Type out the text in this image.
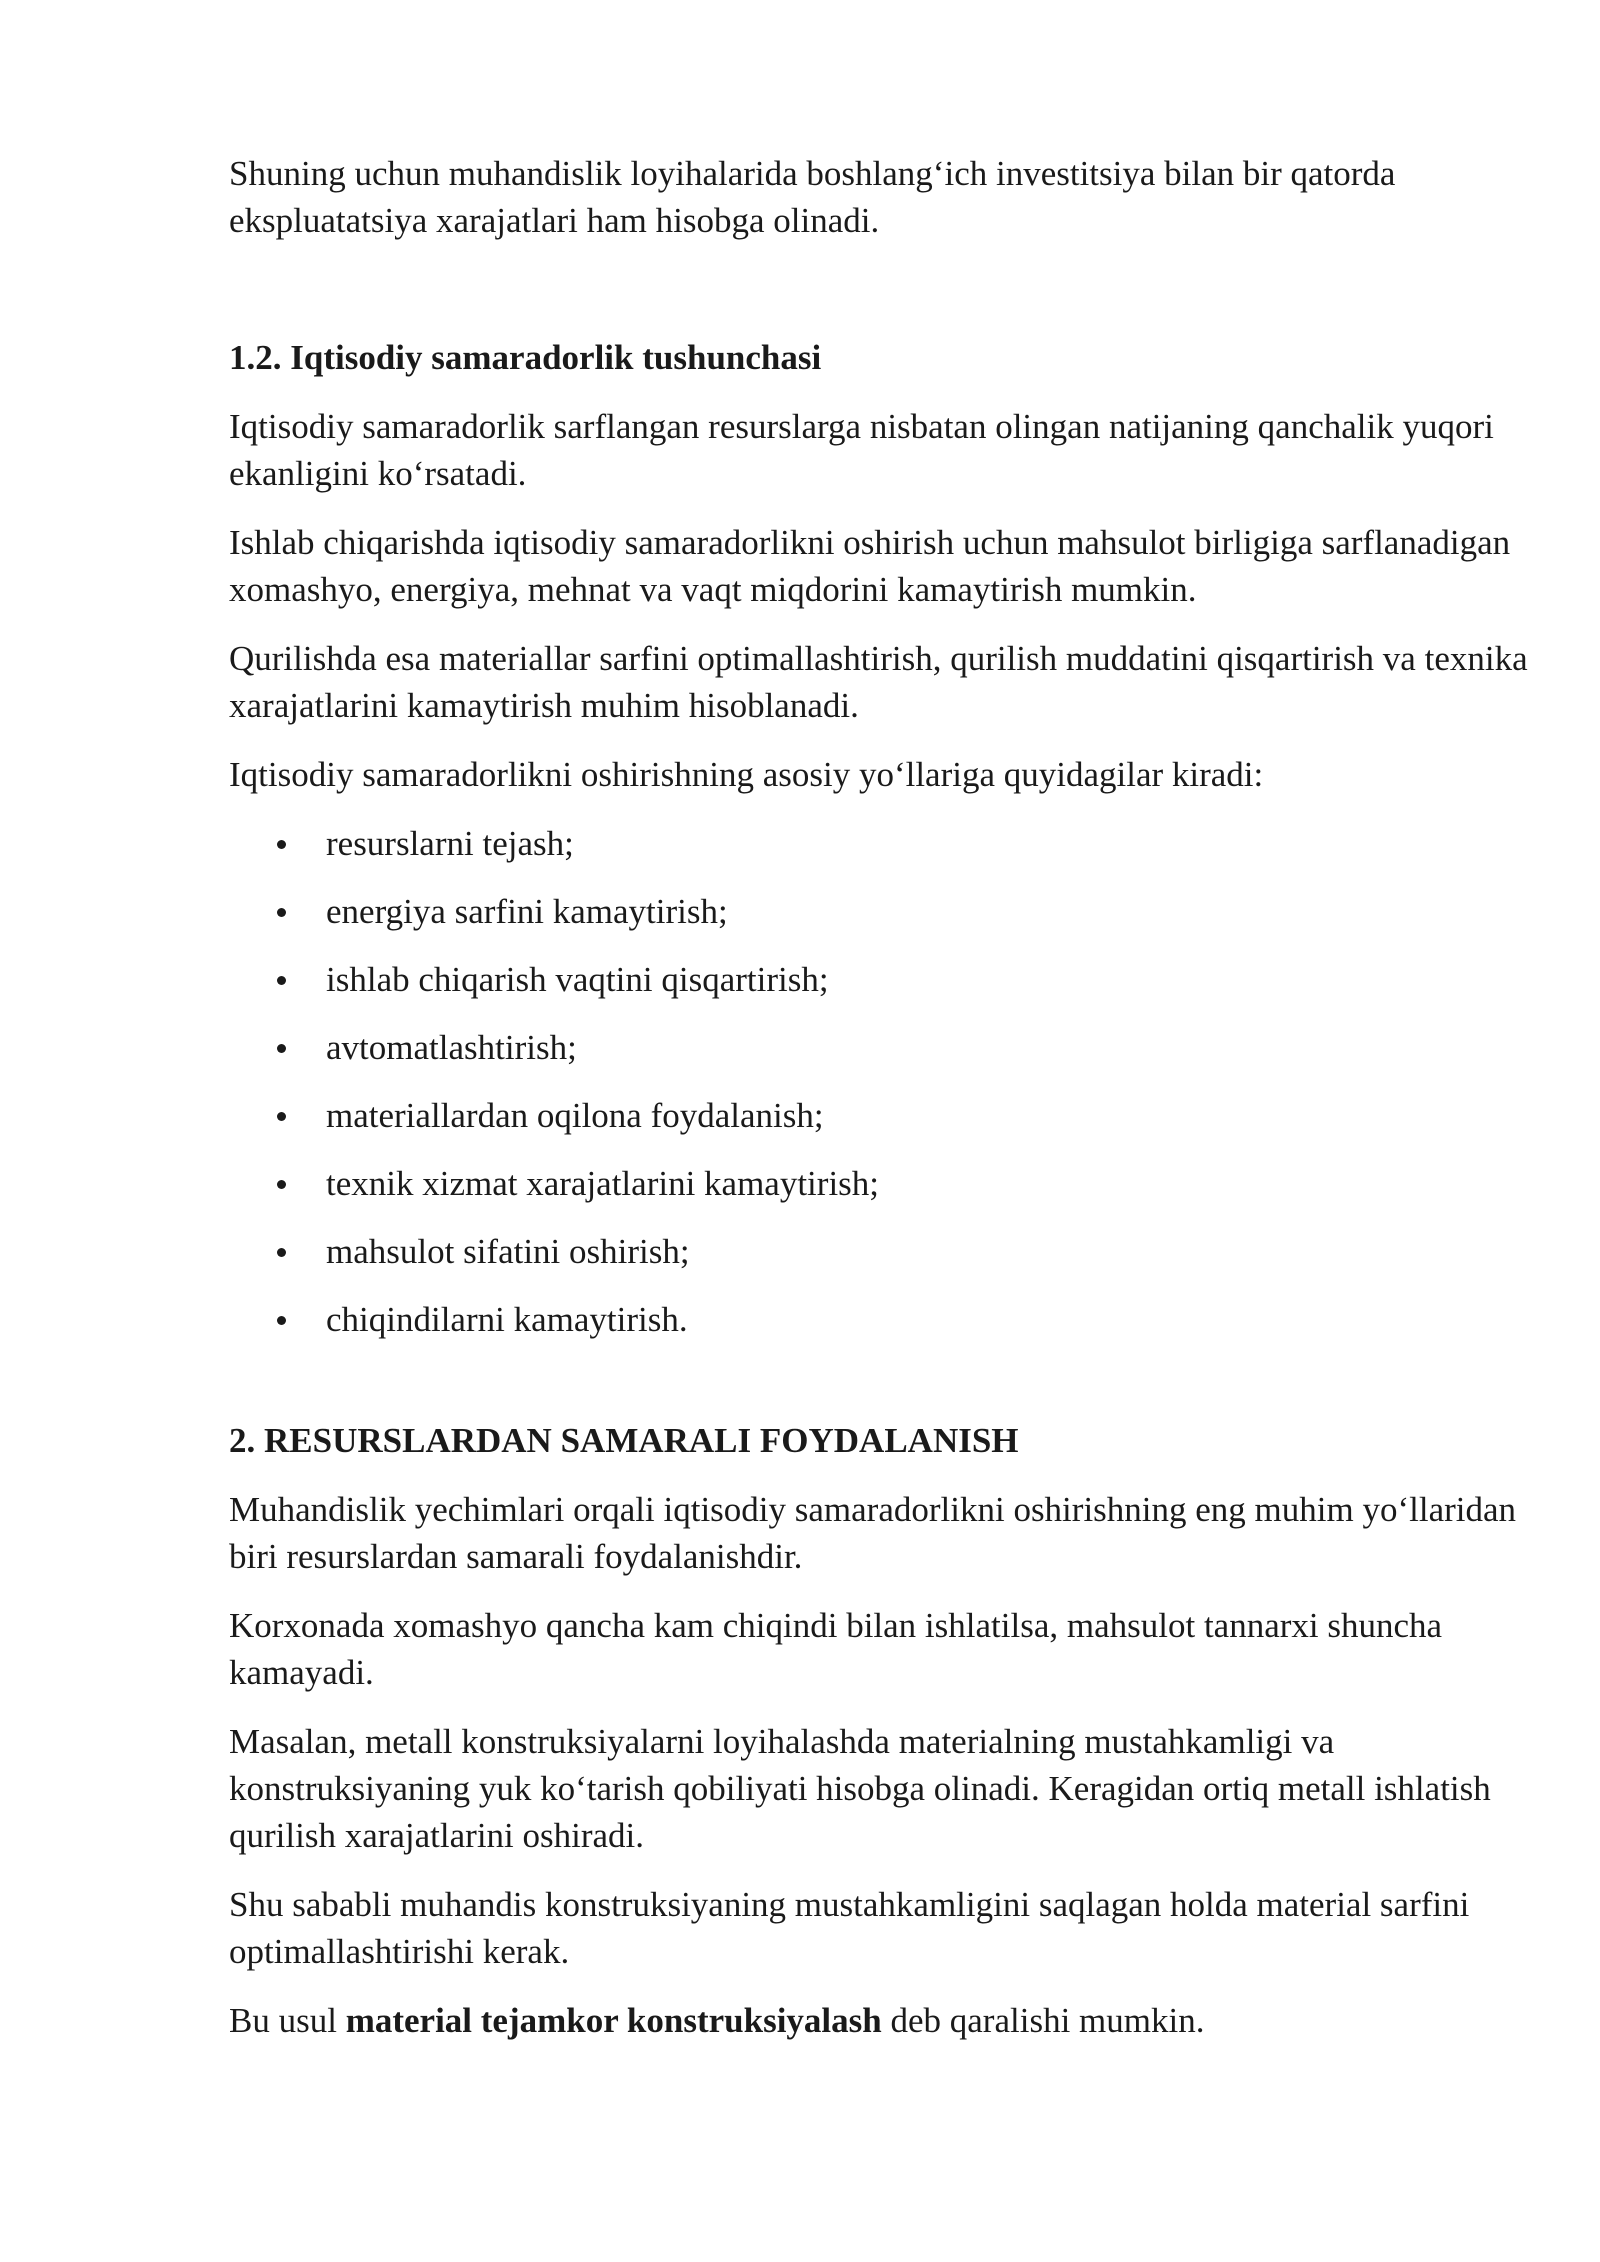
Shuning uchun muhandislik loyihalarida boshlang‘ich investitsiya bilan bir qatorda ekspluatatsiya xarajatlari ham hisobga olinadi.

1.2. Iqtisodiy samaradorlik tushunchasi

Iqtisodiy samaradorlik sarflangan resurslarga nisbatan olingan natijaning qanchalik yuqori ekanligini ko‘rsatadi.

Ishlab chiqarishda iqtisodiy samaradorlikni oshirish uchun mahsulot birligiga sarflanadigan xomashyo, energiya, mehnat va vaqt miqdorini kamaytirish mumkin.

Qurilishda esa materiallar sarfini optimallashtirish, qurilish muddatini qisqartirish va texnika xarajatlarini kamaytirish muhim hisoblanadi.

Iqtisodiy samaradorlikni oshirishning asosiy yo‘llariga quyidagilar kiradi:

resurslarni tejash;
energiya sarfini kamaytirish;
ishlab chiqarish vaqtini qisqartirish;
avtomatlashtirish;
materiallardan oqilona foydalanish;
texnik xizmat xarajatlarini kamaytirish;
mahsulot sifatini oshirish;
chiqindilarni kamaytirish.

2. RESURSLARDAN SAMARALI FOYDALANISH

Muhandislik yechimlari orqali iqtisodiy samaradorlikni oshirishning eng muhim yo‘llaridan biri resurslardan samarali foydalanishdir.

Korxonada xomashyo qancha kam chiqindi bilan ishlatilsa, mahsulot tannarxi shuncha kamayadi.

Masalan, metall konstruksiyalarni loyihalashda materialning mustahkamligi va konstruksiyaning yuk ko‘tarish qobiliyati hisobga olinadi. Keragidan ortiq metall ishlatish qurilish xarajatlarini oshiradi.

Shu sababli muhandis konstruksiyaning mustahkamligini saqlagan holda material sarfini optimallashtirishi kerak.

Bu usul material tejamkor konstruksiyalash deb qaralishi mumkin.
